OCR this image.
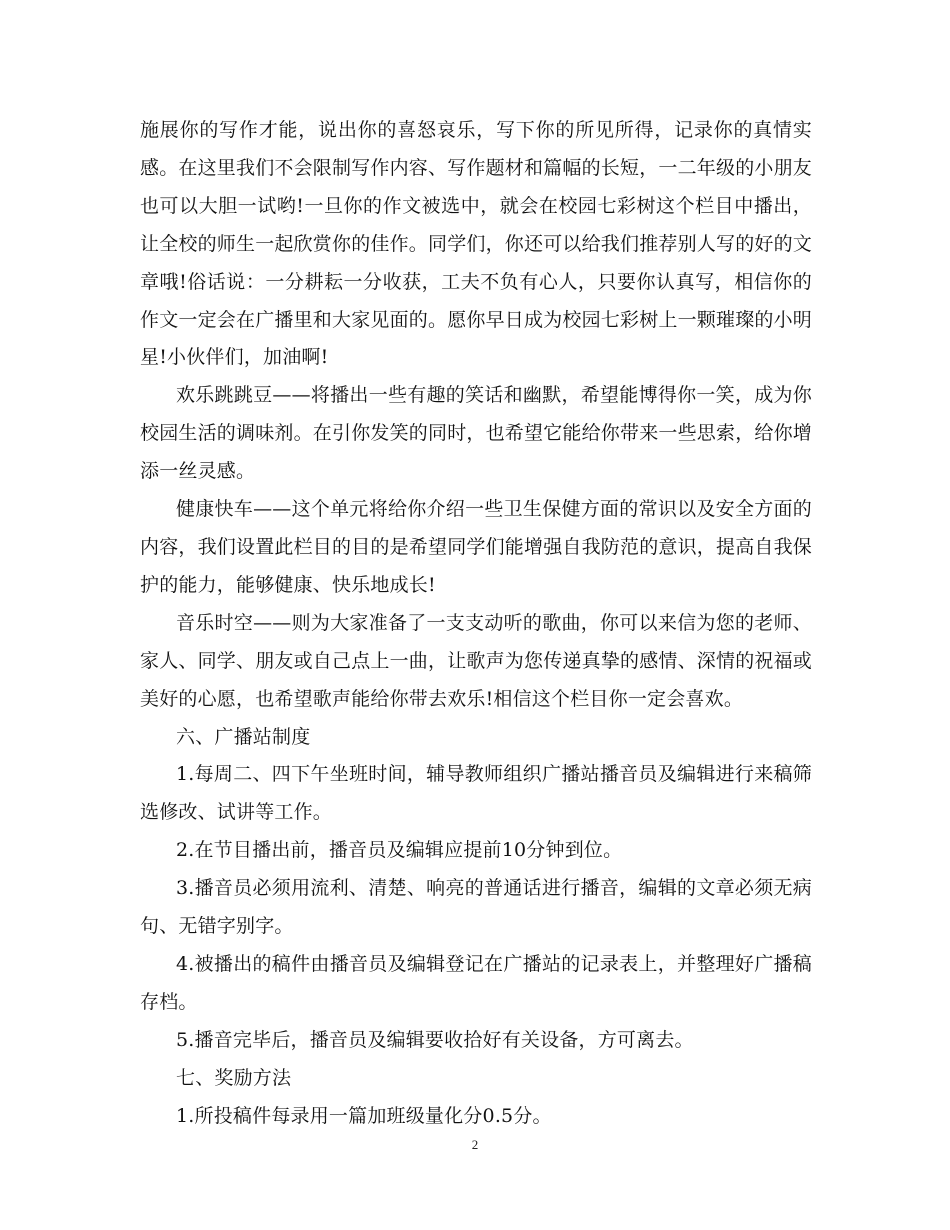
施展你的写作才能，说出你的喜怒哀乐，写下你的所见所得，记录你的真情实感。在这里我们不会限制写作内容、写作题材和篇幅的长短，一二年级的小朋友也可以大胆一试哟!一旦你的作文被选中，就会在校园七彩树这个栏目中播出，让全校的师生一起欣赏你的佳作。同学们，你还可以给我们推荐别人写的好的文章哦!俗话说：一分耕耘一分收获，工夫不负有心人，只要你认真写，相信你的作文一定会在广播里和大家见面的。愿你早日成为校园七彩树上一颗璀璨的小明星!小伙伴们，加油啊!

欢乐跳跳豆——将播出一些有趣的笑话和幽默，希望能博得你一笑，成为你校园生活的调味剂。在引你发笑的同时，也希望它能给你带来一些思索，给你增添一丝灵感。

健康快车——这个单元将给你介绍一些卫生保健方面的常识以及安全方面的内容，我们设置此栏目的目的是希望同学们能增强自我防范的意识，提高自我保护的能力，能够健康、快乐地成长!

音乐时空——则为大家准备了一支支动听的歌曲，你可以来信为您的老师、家人、同学、朋友或自己点上一曲，让歌声为您传递真挚的感情、深情的祝福或美好的心愿，也希望歌声能给你带去欢乐!相信这个栏目你一定会喜欢。

六、广播站制度

1.每周二、四下午坐班时间，辅导教师组织广播站播音员及编辑进行来稿筛选修改、试讲等工作。

2.在节目播出前，播音员及编辑应提前10分钟到位。

3.播音员必须用流利、清楚、响亮的普通话进行播音，编辑的文章必须无病句、无错字别字。

4.被播出的稿件由播音员及编辑登记在广播站的记录表上，并整理好广播稿存档。

5.播音完毕后，播音员及编辑要收拾好有关设备，方可离去。

七、奖励方法

1.所投稿件每录用一篇加班级量化分0.5分。

2
